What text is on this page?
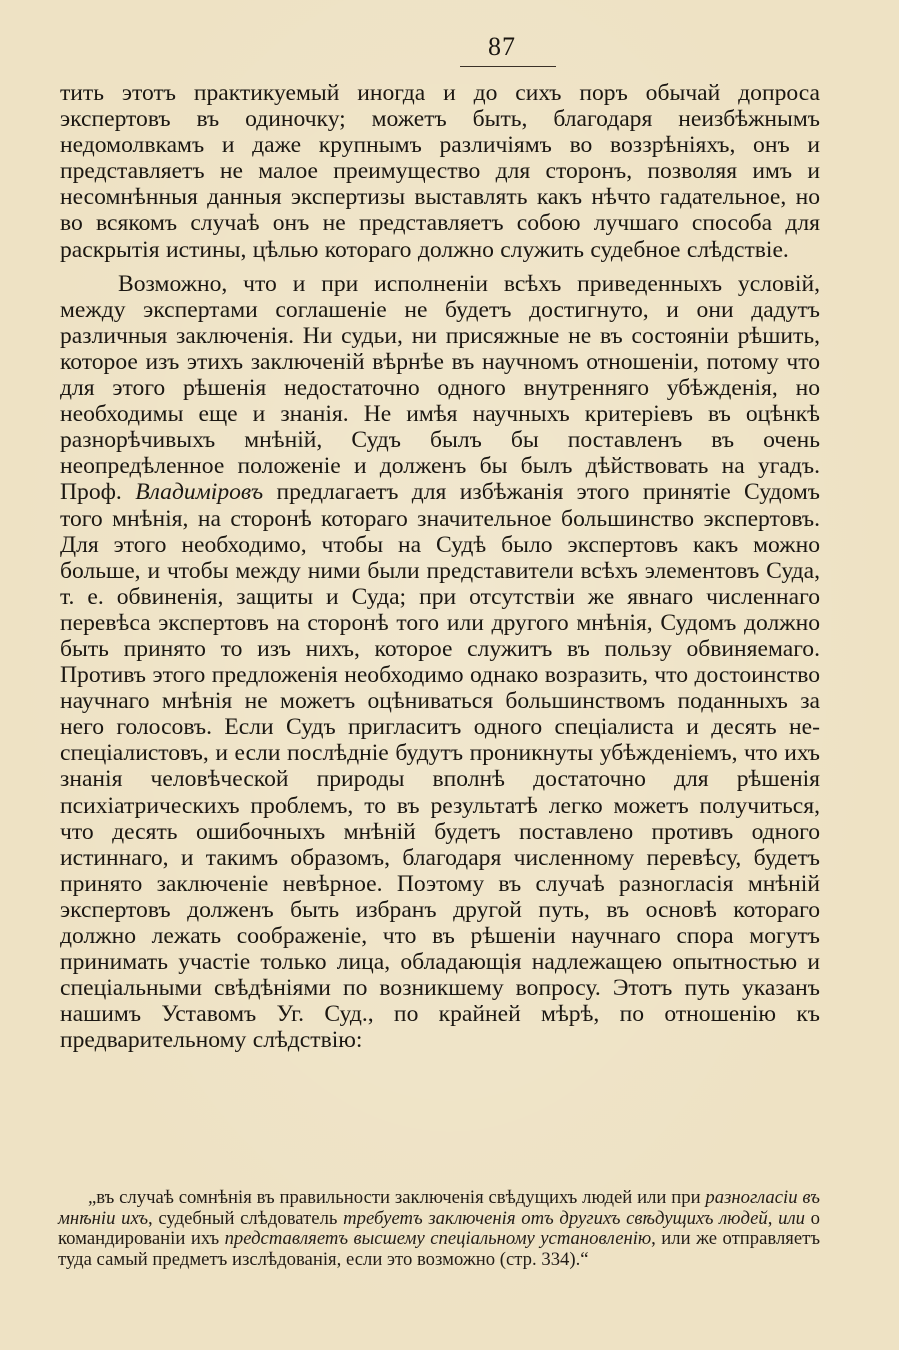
87

тить этотъ практикуемый иногда и до сихъ поръ обычай допроса экспертовъ въ одиночку; можетъ быть, благодаря неизбѣжнымъ недомолвкамъ и даже крупнымъ различіямъ во воззрѣніяхъ, онъ и представляетъ не малое преимущество для сторонъ, позволяя имъ и несомнѣнныя данныя экспертизы выставлять какъ нѣчто гадательное, но во всякомъ случаѣ онъ не представляетъ собою лучшаго способа для раскрытія истины, цѣлью котораго должно служить судебное слѣдствіе.

Возможно, что и при исполненіи всѣхъ приведенныхъ условій, между экспертами соглашеніе не будетъ достигнуто, и они дадутъ различныя заключенія. Ни судьи, ни присяжные не въ состояніи рѣшить, которое изъ этихъ заключеній вѣрнѣе въ научномъ отношеніи, потому что для этого рѣшенія недостаточно одного внутренняго убѣжденія, но необходимы еще и знанія. Не имѣя научныхъ критеріевъ въ оцѣнкѣ разнорѣчивыхъ мнѣній, Судъ былъ бы поставленъ въ очень неопредѣленное положеніе и долженъ бы былъ дѣйствовать на угадъ. Проф. Владиміровъ предлагаетъ для избѣжанія этого принятіе Судомъ того мнѣнія, на сторонѣ котораго значительное большинство экспертовъ. Для этого необходимо, чтобы на Судѣ было экспертовъ какъ можно больше, и чтобы между ними были представители всѣхъ элементовъ Суда, т. е. обвиненія, защиты и Суда; при отсутствіи же явнаго численнаго перевѣса экспертовъ на сторонѣ того или другого мнѣнія, Судомъ должно быть принято то изъ нихъ, которое служитъ въ пользу обвиняемаго. Противъ этого предложенія необходимо однако возразить, что достоинство научнаго мнѣнія не можетъ оцѣниваться большинствомъ поданныхъ за него голосовъ. Если Судъ пригласитъ одного спеціалиста и десять не-спеціалистовъ, и если послѣдніе будутъ проникнуты убѣжденіемъ, что ихъ знанія человѣческой природы вполнѣ достаточно для рѣшенія психіатрическихъ проблемъ, то въ результатѣ легко можетъ получиться, что десять ошибочныхъ мнѣній будетъ поставлено противъ одного истиннаго, и такимъ образомъ, благодаря численному перевѣсу, будетъ принято заключеніе невѣрное. Поэтому въ случаѣ разногласія мнѣній экспертовъ долженъ быть избранъ другой путь, въ основѣ котораго должно лежать соображеніе, что въ рѣшеніи научнаго спора могутъ принимать участіе только лица, обладающія надлежащею опытностью и спеціальными свѣдѣніями по возникшему вопросу. Этотъ путь указанъ нашимъ Уставомъ Уг. Суд., по крайней мѣрѣ, по отношенію къ предварительному слѣдствію:

„въ случаѣ сомнѣнія въ правильности заключенія свѣдущихъ людей или при разногласіи въ мнѣніи ихъ, судебный слѣдователь требуетъ заключенія отъ другихъ свѣдущихъ людей, или о командированіи ихъ представляетъ высшему спеціальному установленію, или же отправляетъ туда самый предметъ изслѣдованія, если это возможно (стр. 334).“
